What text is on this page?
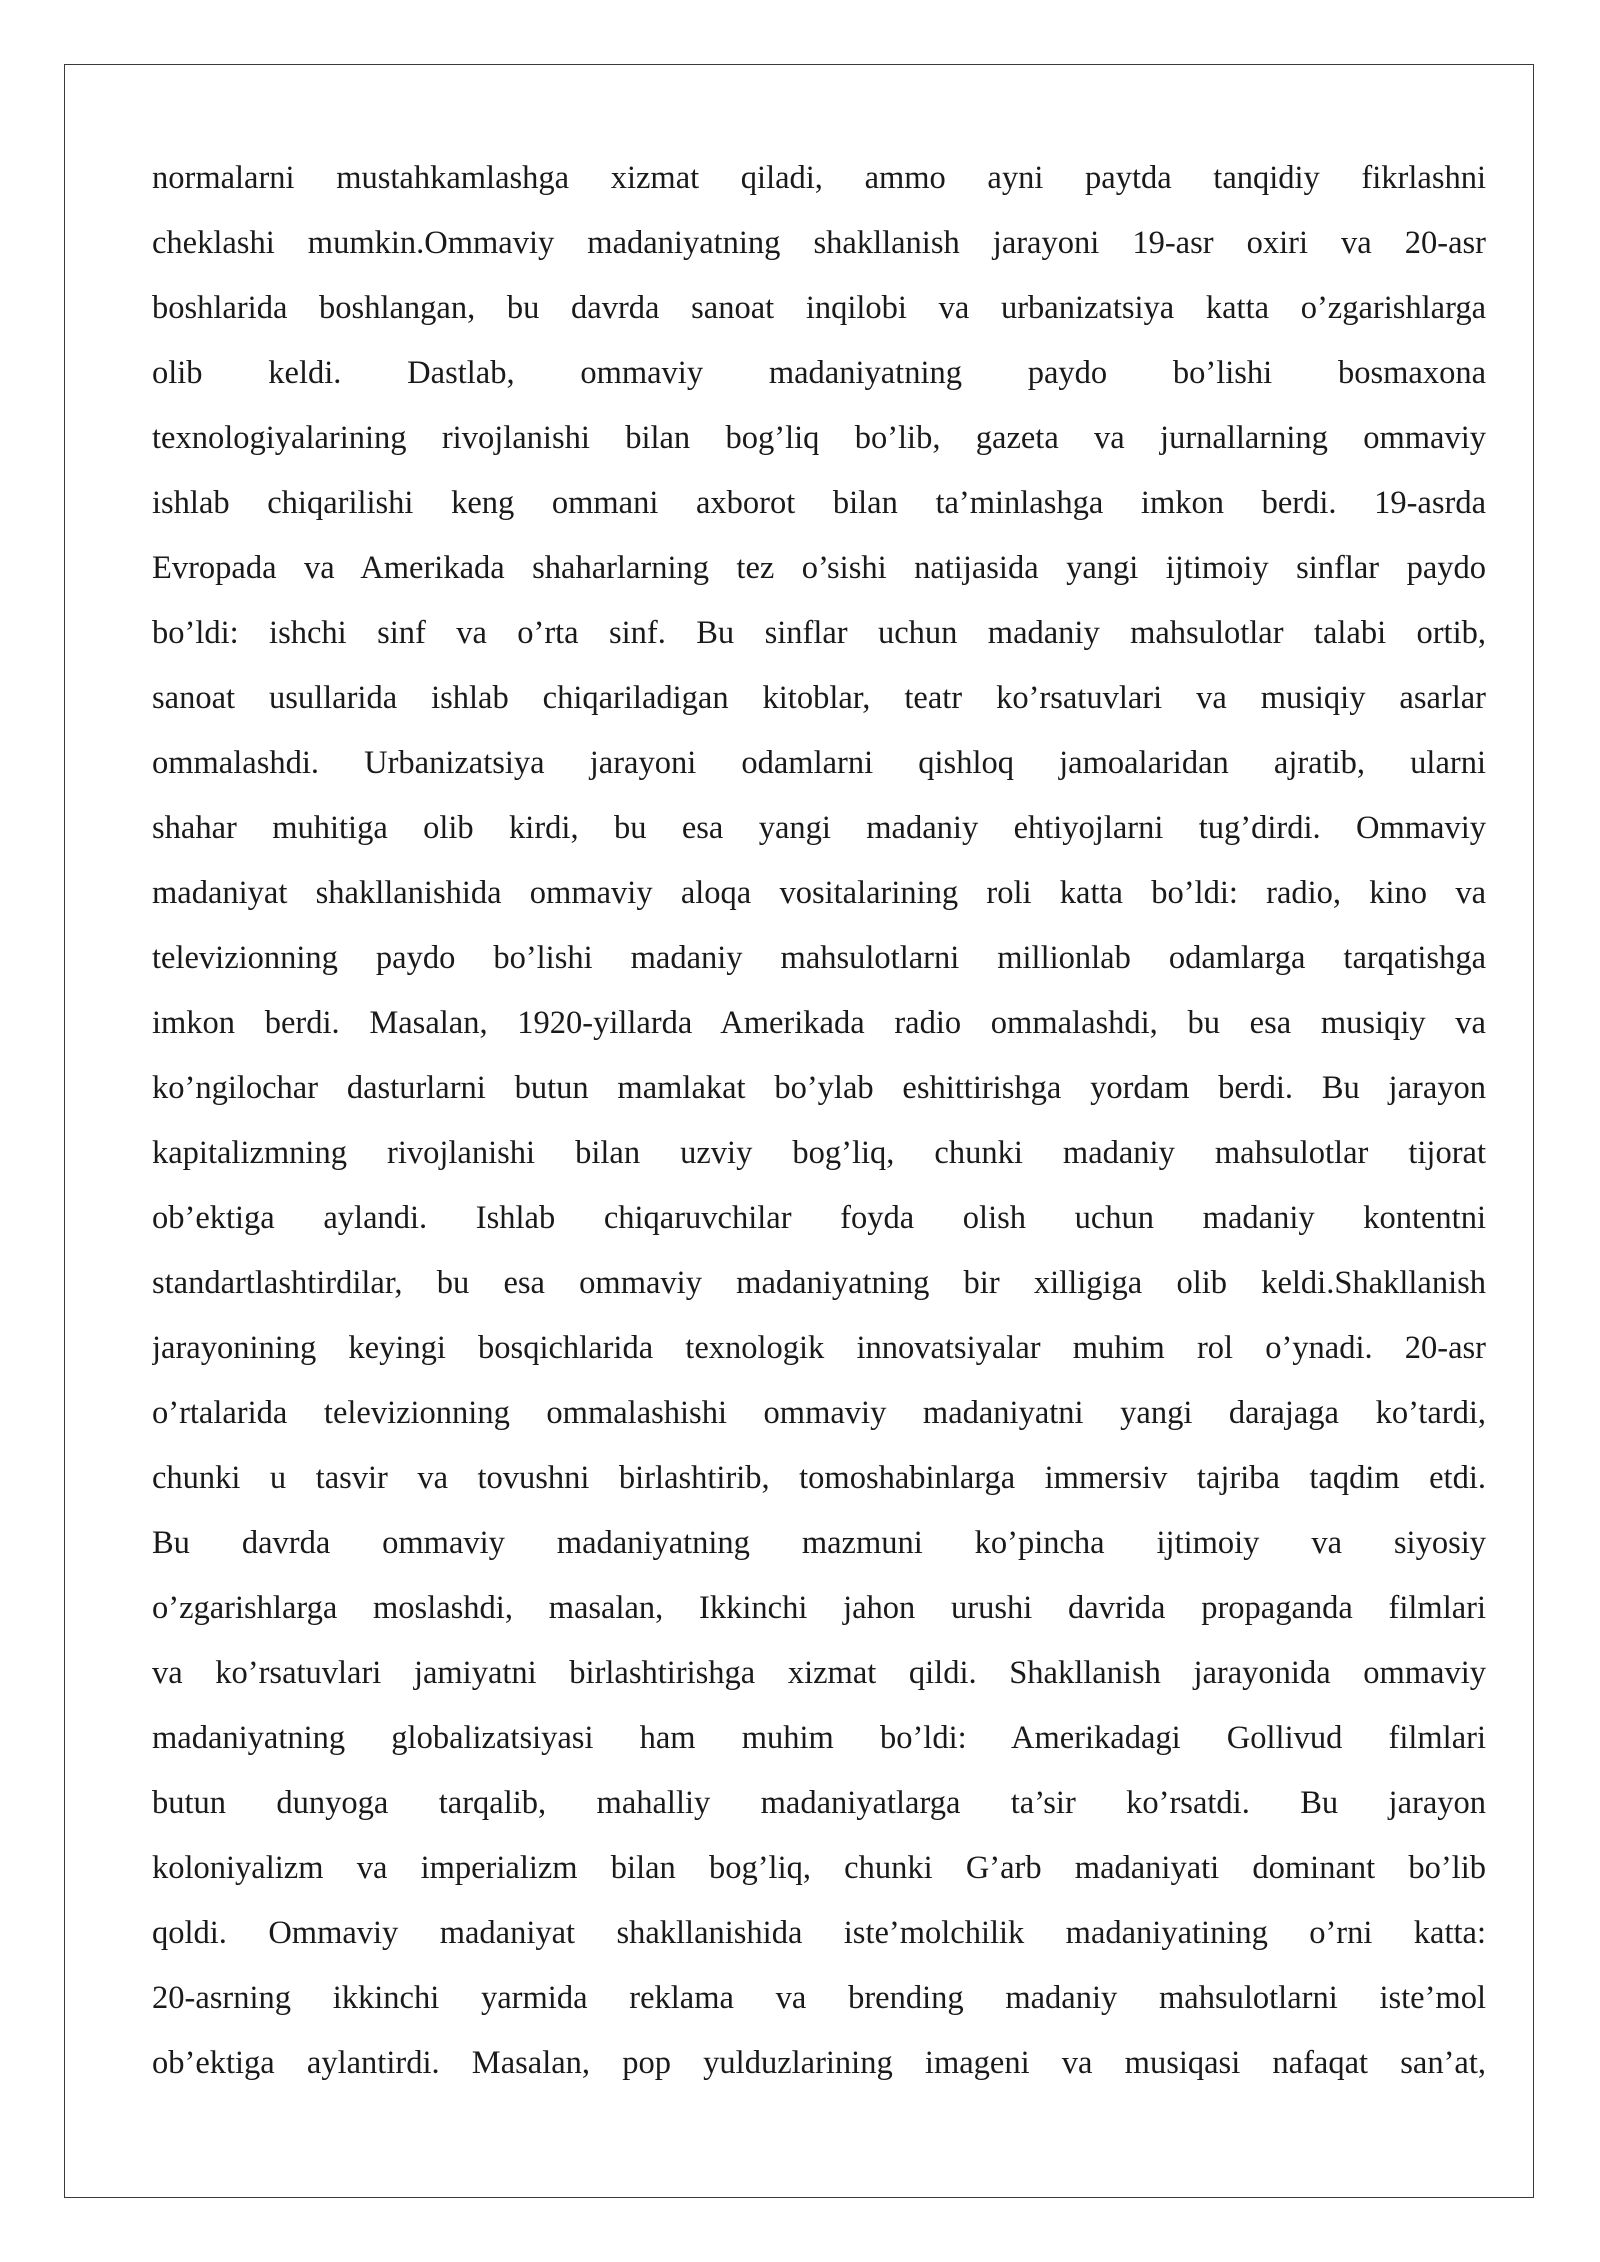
normalarni mustahkamlashga xizmat qiladi, ammo ayni paytda tanqidiy fikrlashni
cheklashi mumkin.Ommaviy madaniyatning shakllanish jarayoni 19-asr oxiri va 20-asr
boshlarida boshlangan, bu davrda sanoat inqilobi va urbanizatsiya katta o’zgarishlarga
olib keldi. Dastlab, ommaviy madaniyatning paydo bo’lishi bosmaxona
texnologiyalarining rivojlanishi bilan bog’liq bo’lib, gazeta va jurnallarning ommaviy
ishlab chiqarilishi keng ommani axborot bilan ta’minlashga imkon berdi. 19-asrda
Evropada va Amerikada shaharlarning tez o’sishi natijasida yangi ijtimoiy sinflar paydo
bo’ldi: ishchi sinf va o’rta sinf. Bu sinflar uchun madaniy mahsulotlar talabi ortib,
sanoat usullarida ishlab chiqariladigan kitoblar, teatr ko’rsatuvlari va musiqiy asarlar
ommalashdi. Urbanizatsiya jarayoni odamlarni qishloq jamoalaridan ajratib, ularni
shahar muhitiga olib kirdi, bu esa yangi madaniy ehtiyojlarni tug’dirdi. Ommaviy
madaniyat shakllanishida ommaviy aloqa vositalarining roli katta bo’ldi: radio, kino va
televizionning paydo bo’lishi madaniy mahsulotlarni millionlab odamlarga tarqatishga
imkon berdi. Masalan, 1920-yillarda Amerikada radio ommalashdi, bu esa musiqiy va
ko’ngilochar dasturlarni butun mamlakat bo’ylab eshittirishga yordam berdi. Bu jarayon
kapitalizmning rivojlanishi bilan uzviy bog’liq, chunki madaniy mahsulotlar tijorat
ob’ektiga aylandi. Ishlab chiqaruvchilar foyda olish uchun madaniy kontentni
standartlashtirdilar, bu esa ommaviy madaniyatning bir xilligiga olib keldi.Shakllanish
jarayonining keyingi bosqichlarida texnologik innovatsiyalar muhim rol o’ynadi. 20-asr
o’rtalarida televizionning ommalashishi ommaviy madaniyatni yangi darajaga ko’tardi,
chunki u tasvir va tovushni birlashtirib, tomoshabinlarga immersiv tajriba taqdim etdi.
Bu davrda ommaviy madaniyatning mazmuni ko’pincha ijtimoiy va siyosiy
o’zgarishlarga moslashdi, masalan, Ikkinchi jahon urushi davrida propaganda filmlari
va ko’rsatuvlari jamiyatni birlashtirishga xizmat qildi. Shakllanish jarayonida ommaviy
madaniyatning globalizatsiyasi ham muhim bo’ldi: Amerikadagi Gollivud filmlari
butun dunyoga tarqalib, mahalliy madaniyatlarga ta’sir ko’rsatdi. Bu jarayon
koloniyalizm va imperializm bilan bog’liq, chunki G’arb madaniyati dominant bo’lib
qoldi. Ommaviy madaniyat shakllanishida iste’molchilik madaniyatining o’rni katta:
20-asrning ikkinchi yarmida reklama va brending madaniy mahsulotlarni iste’mol
ob’ektiga aylantirdi. Masalan, pop yulduzlarining imageni va musiqasi nafaqat san’at,
